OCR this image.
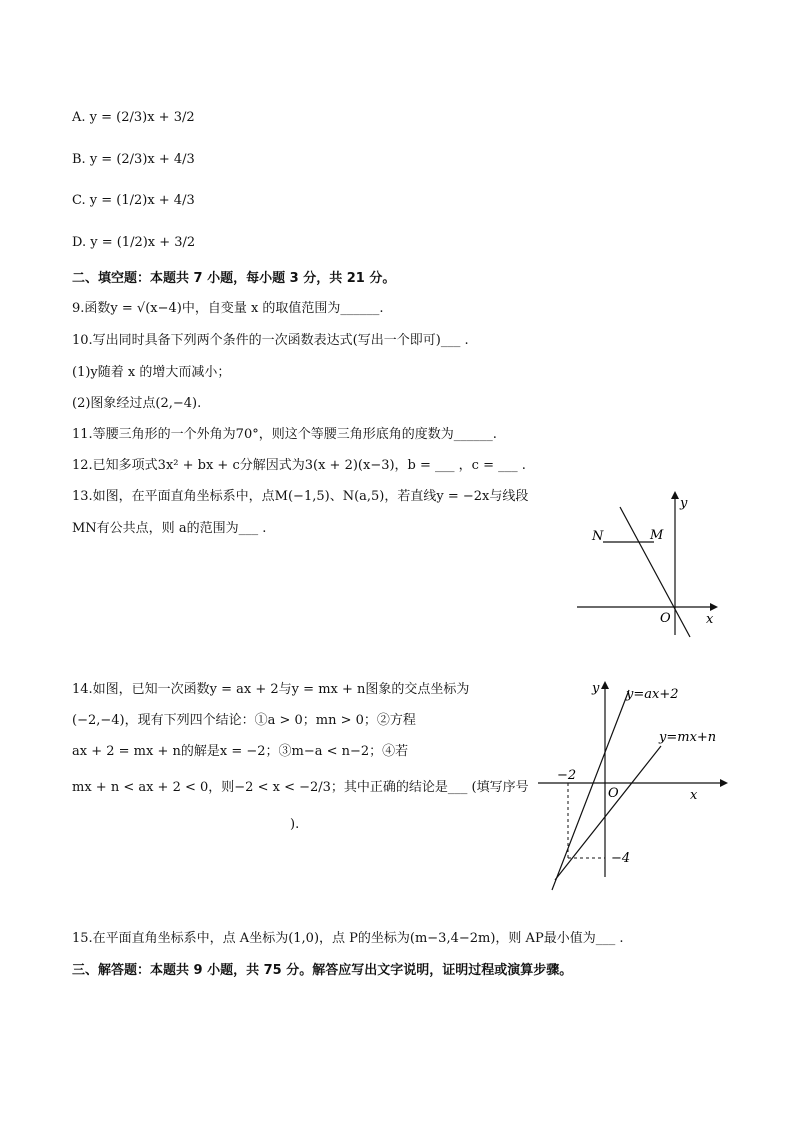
A. y = (2/3)x + 3/2
B. y = (2/3)x + 4/3
C. y = (1/2)x + 4/3
D. y = (1/2)x + 3/2
二、填空题：本题共 7 小题，每小题 3 分，共 21 分。
9.函数y = √(x−4)中，自变量 x 的取值范围为______.
10.写出同时具备下列两个条件的一次函数表达式(写出一个即可)___ .
(1)y随着 x 的增大而减小；
(2)图象经过点(2,−4).
11.等腰三角形的一个外角为70°，则这个等腰三角形底角的度数为______.
12.已知多项式3x² + bx + c分解因式为3(x + 2)(x−3)，b = ___ ，c = ___ .
13.如图，在平面直角坐标系中，点M(−1,5)、N(a,5)，若直线y = −2x与线段
MN有公共点，则 a的范围为___ .
N	M
O	x
y
14.如图，已知一次函数y = ax + 2与y = mx + n图象的交点坐标为
(−2,−4)，现有下列四个结论：①a > 0；mn > 0；②方程
ax + 2 = mx + n的解是x = −2；③m−a < n−2；④若
mx + n < ax + 2 < 0，则−2 < x < −2/3；其中正确的结论是___ (填写序号
).
y y=ax+2
y=mx+n
−2
O	x
−4
15.在平面直角坐标系中，点 A坐标为(1,0)，点 P的坐标为(m−3,4−2m)，则 AP最小值为___ .
三、解答题：本题共 9 小题，共 75 分。解答应写出文字说明，证明过程或演算步骤。
